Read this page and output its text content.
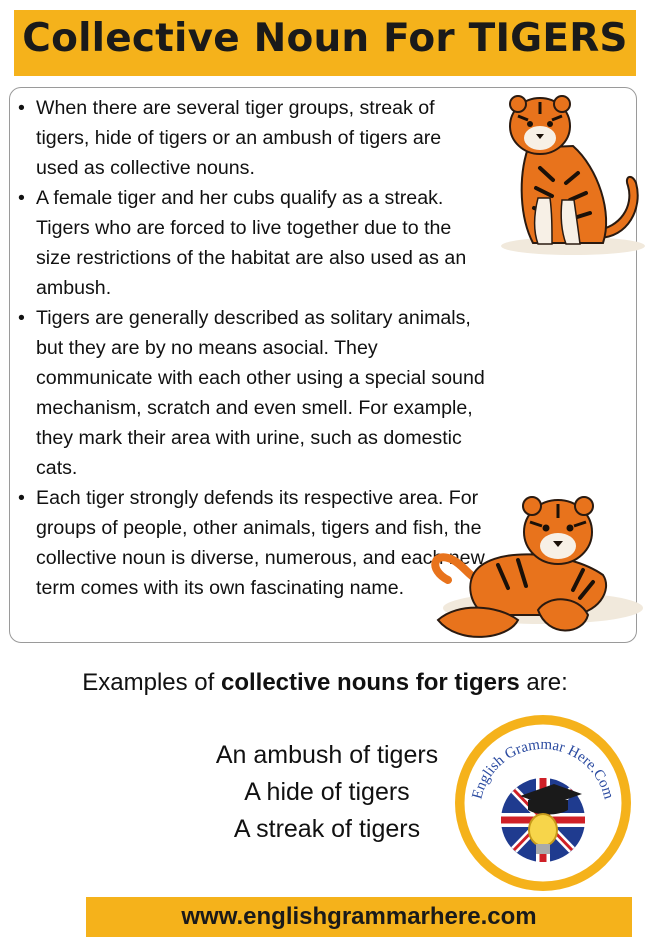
Collective Noun For TIGERS
• When there are several tiger groups, streak of tigers, hide of tigers or an ambush of tigers are used as collective nouns.
• A female tiger and her cubs qualify as a streak. Tigers who are forced to live together due to the size restrictions of the habitat are also used as an ambush.
• Tigers are generally described as solitary animals, but they are by no means asocial. They communicate with each other using a special sound mechanism, scratch and even smell. For example, they mark their area with urine, such as domestic cats.
• Each tiger strongly defends its respective area. For groups of people, other animals, tigers and fish, the collective noun is diverse, numerous, and each new term comes with its own fascinating name.
Examples of collective nouns for tigers are:
An ambush of tigers
A hide of tigers
A streak of tigers
English Grammar Here.Com
www.englishgrammarhere.com
